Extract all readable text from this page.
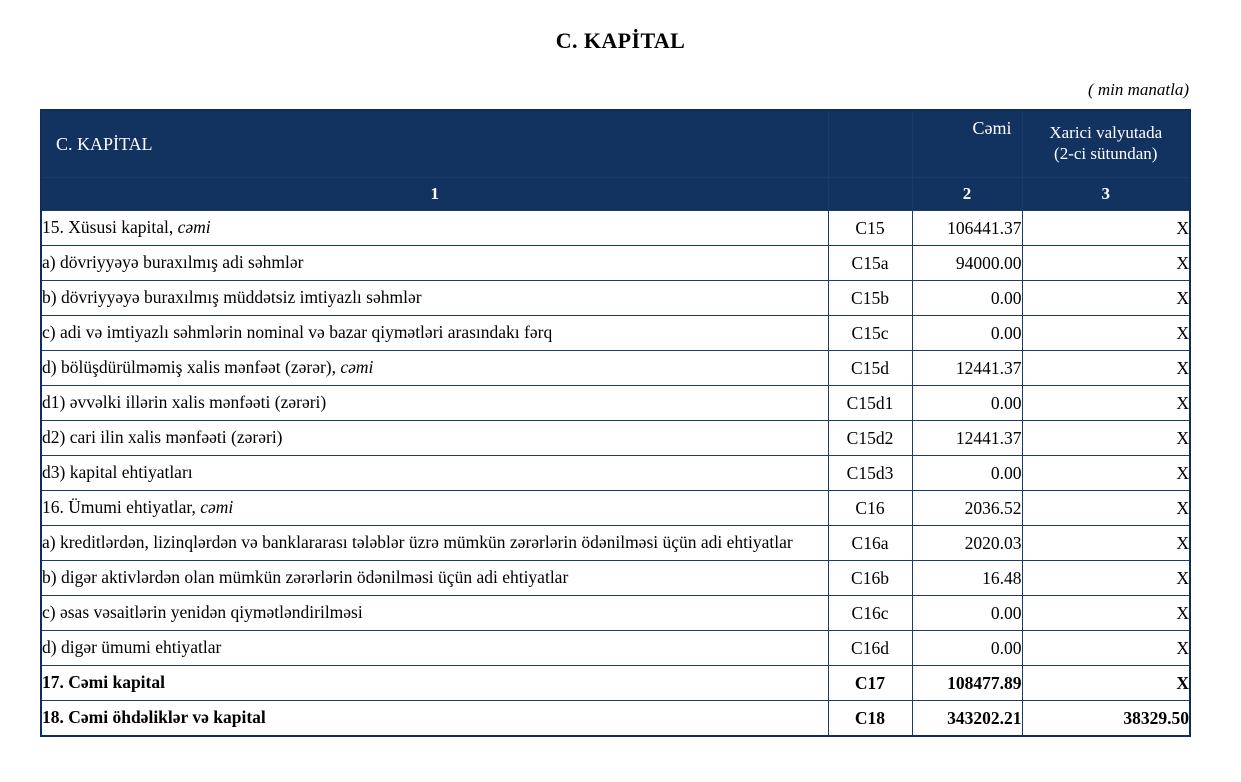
C. KAPİTAL
( min manatla)
C. KAPİTAL		Cəmi	Xarici valyutada
(2-ci sütundan)

1		2	3
15. Xüsusi kapital, cəmi	C15	106441.37	X
a) dövriyyəyə buraxılmış adi səhmlər	C15a	94000.00	X
b) dövriyyəyə buraxılmış müddətsiz imtiyazlı səhmlər	C15b	0.00	X
c) adi və imtiyazlı səhmlərin nominal və bazar qiymətləri arasındakı fərq	C15c	0.00	X
d) bölüşdürülməmiş xalis mənfəət (zərər), cəmi	C15d	12441.37	X
d1) əvvəlki illərin xalis mənfəəti (zərəri)	C15d1	0.00	X
d2) cari ilin xalis mənfəəti (zərəri)	C15d2	12441.37	X
d3) kapital ehtiyatları	C15d3	0.00	X
16. Ümumi ehtiyatlar, cəmi	C16	2036.52	X
a) kreditlərdən, lizinqlərdən və banklararası tələblər üzrə mümkün zərərlərin ödənilməsi üçün adi ehtiyatlar	C16a	2020.03	X
b) digər aktivlərdən olan mümkün zərərlərin ödənilməsi üçün adi ehtiyatlar	C16b	16.48	X
c) əsas vəsaitlərin yenidən qiymətləndirilməsi	C16c	0.00	X
d) digər ümumi ehtiyatlar	C16d	0.00	X
17. Cəmi kapital	C17	108477.89	X
18. Cəmi öhdəliklər və kapital	C18	343202.21	38329.50
